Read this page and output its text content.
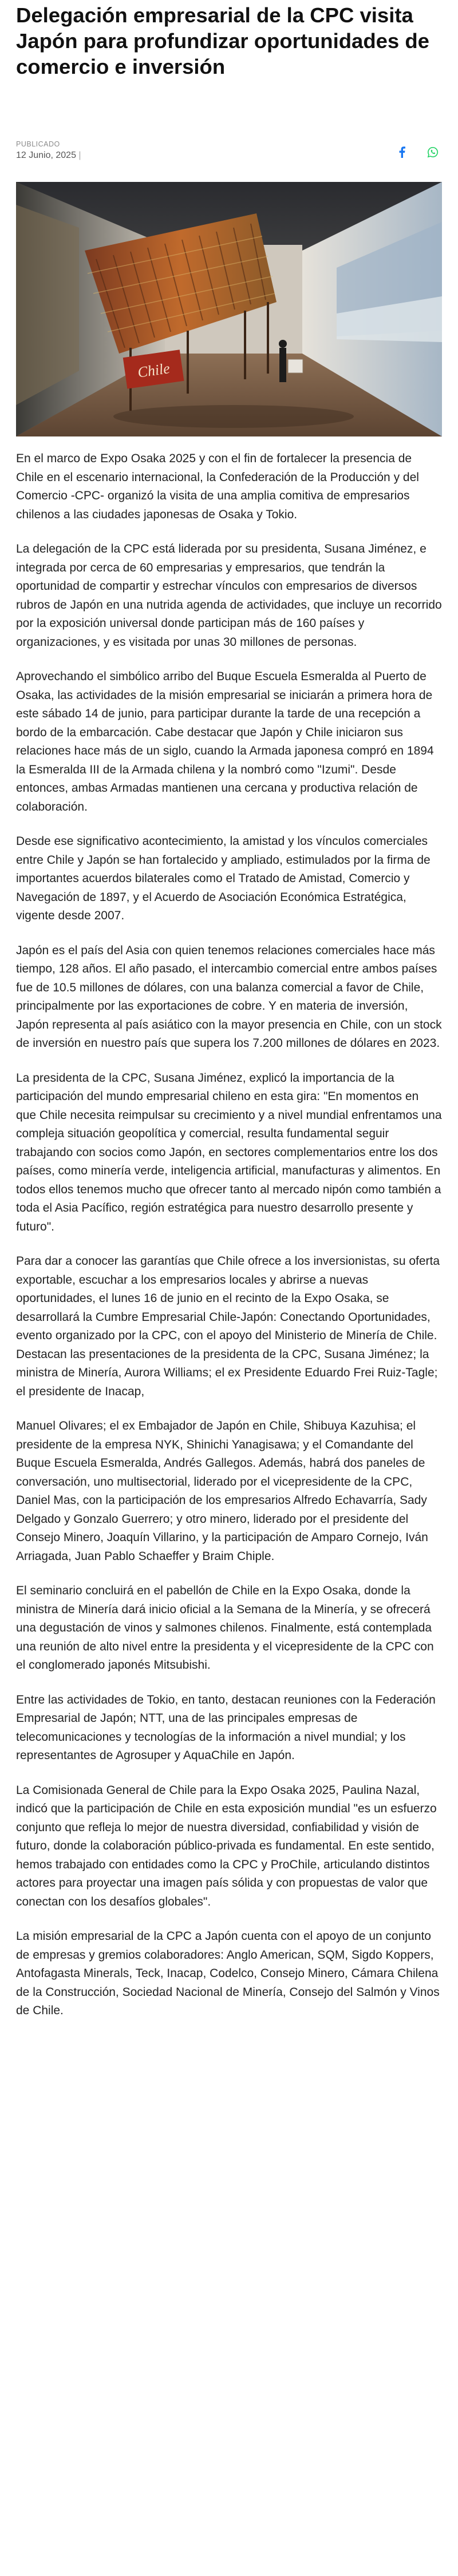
Delegación empresarial de la CPC visita Japón para profundizar oportunidades de comercio e inversión
PUBLICADO
12 Junio, 2025 |
Chile

En el marco de Expo Osaka 2025 y con el fin de fortalecer la presencia de Chile en el escenario internacional, la Confederación de la Producción y del Comercio -CPC- organizó la visita de una amplia comitiva de empresarios chilenos a las ciudades japonesas de Osaka y Tokio.

La delegación de la CPC está liderada por su presidenta, Susana Jiménez, e integrada por cerca de 60 empresarias y empresarios, que tendrán la oportunidad de compartir y estrechar vínculos con empresarios de diversos rubros de Japón en una nutrida agenda de actividades, que incluye un recorrido por la exposición universal donde participan más de 160 países y organizaciones, y es visitada por unas 30 millones de personas.

Aprovechando el simbólico arribo del Buque Escuela Esmeralda al Puerto de Osaka, las actividades de la misión empresarial se iniciarán a primera hora de este sábado 14 de junio, para participar durante la tarde de una recepción a bordo de la embarcación. Cabe destacar que Japón y Chile iniciaron sus relaciones hace más de un siglo, cuando la Armada japonesa compró en 1894 la Esmeralda III de la Armada chilena y la nombró como "Izumi". Desde entonces, ambas Armadas mantienen una cercana y productiva relación de colaboración.

Desde ese significativo acontecimiento, la amistad y los vínculos comerciales entre Chile y Japón se han fortalecido y ampliado, estimulados por la firma de importantes acuerdos bilaterales como el Tratado de Amistad, Comercio y Navegación de 1897, y el Acuerdo de Asociación Económica Estratégica, vigente desde 2007.

Japón es el país del Asia con quien tenemos relaciones comerciales hace más tiempo, 128 años. El año pasado, el intercambio comercial entre ambos países fue de 10.5 millones de dólares, con una balanza comercial a favor de Chile, principalmente por las exportaciones de cobre. Y en materia de inversión, Japón representa al país asiático con la mayor presencia en Chile, con un stock de inversión en nuestro país que supera los 7.200 millones de dólares en 2023.

La presidenta de la CPC, Susana Jiménez, explicó la importancia de la participación del mundo empresarial chileno en esta gira: "En momentos en que Chile necesita reimpulsar su crecimiento y a nivel mundial enfrentamos una compleja situación geopolítica y comercial, resulta fundamental seguir trabajando con socios como Japón, en sectores complementarios entre los dos países, como minería verde, inteligencia artificial, manufacturas y alimentos. En todos ellos tenemos mucho que ofrecer tanto al mercado nipón como también a toda el Asia Pacífico, región estratégica para nuestro desarrollo presente y futuro".

Para dar a conocer las garantías que Chile ofrece a los inversionistas, su oferta exportable, escuchar a los empresarios locales y abrirse a nuevas oportunidades, el lunes 16 de junio en el recinto de la Expo Osaka, se desarrollará la Cumbre Empresarial Chile-Japón: Conectando Oportunidades, evento organizado por la CPC, con el apoyo del Ministerio de Minería de Chile. Destacan las presentaciones de la presidenta de la CPC, Susana Jiménez; la ministra de Minería, Aurora Williams; el ex Presidente Eduardo Frei Ruiz-Tagle; el presidente de Inacap,

Manuel Olivares; el ex Embajador de Japón en Chile, Shibuya Kazuhisa; el presidente de la empresa NYK, Shinichi Yanagisawa; y el Comandante del Buque Escuela Esmeralda, Andrés Gallegos. Además, habrá dos paneles de conversación, uno multisectorial, liderado por el vicepresidente de la CPC, Daniel Mas, con la participación de los empresarios Alfredo Echavarría, Sady Delgado y Gonzalo Guerrero; y otro minero, liderado por el presidente del Consejo Minero, Joaquín Villarino, y la participación de Amparo Cornejo, Iván Arriagada, Juan Pablo Schaeffer y Braim Chiple.

El seminario concluirá en el pabellón de Chile en la Expo Osaka, donde la ministra de Minería dará inicio oficial a la Semana de la Minería, y se ofrecerá una degustación de vinos y salmones chilenos. Finalmente, está contemplada una reunión de alto nivel entre la presidenta y el vicepresidente de la CPC con el conglomerado japonés Mitsubishi.

Entre las actividades de Tokio, en tanto, destacan reuniones con la Federación Empresarial de Japón; NTT, una de las principales empresas de telecomunicaciones y tecnologías de la información a nivel mundial; y los representantes de Agrosuper y AquaChile en Japón.

La Comisionada General de Chile para la Expo Osaka 2025, Paulina Nazal, indicó que la participación de Chile en esta exposición mundial "es un esfuerzo conjunto que refleja lo mejor de nuestra diversidad, confiabilidad y visión de futuro, donde la colaboración público-privada es fundamental. En este sentido, hemos trabajado con entidades como la CPC y ProChile, articulando distintos actores para proyectar una imagen país sólida y con propuestas de valor que conectan con los desafíos globales".

La misión empresarial de la CPC a Japón cuenta con el apoyo de un conjunto de empresas y gremios colaboradores: Anglo American, SQM, Sigdo Koppers, Antofagasta Minerals, Teck, Inacap, Codelco, Consejo Minero, Cámara Chilena de la Construcción, Sociedad Nacional de Minería, Consejo del Salmón y Vinos de Chile.
